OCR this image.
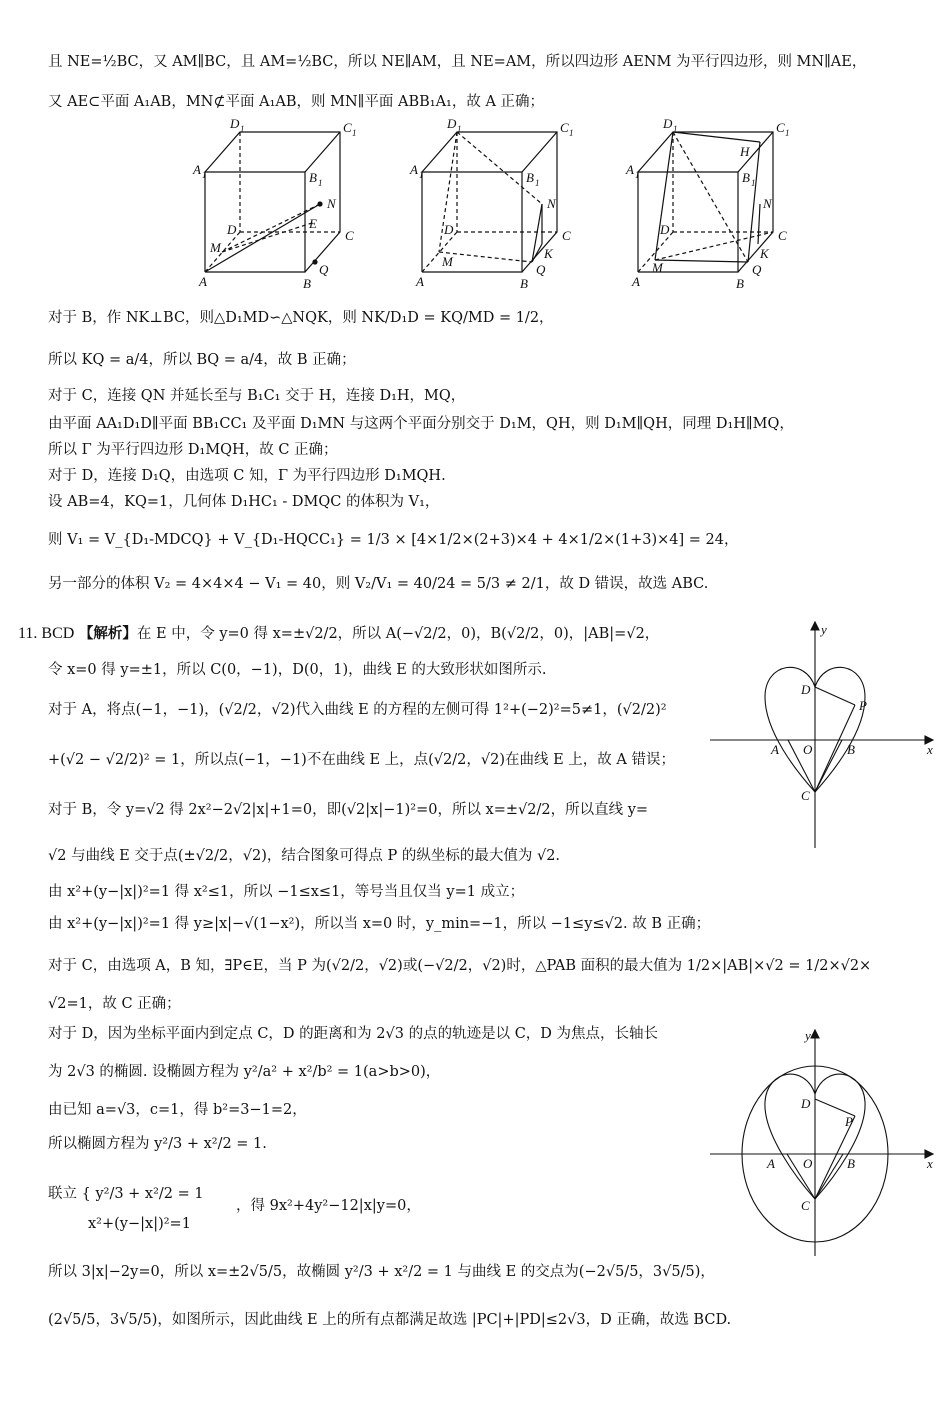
且 NE=½BC，又 AM∥BC，且 AM=½BC，所以 NE∥AM，且 NE=AM，所以四边形 AENM 为平行四边形，则 MN∥AE，
又 AE⊂平面 A₁AB，MN⊄平面 A₁AB，则 MN∥平面 ABB₁A₁，故 A 正确；
A 1
D 1	C 1
B 1
D	C
A	B
M
N
E
Q
A 1
D 1	C 1
B 1
D	C
A	B
M
N
Q
K
A 1
D 1	C 1
B 1
H
D	C
A	B
M
N
Q
K
对于 B，作 NK⊥BC，则△D₁MD∽△NQK，则 NK/D₁D = KQ/MD = 1/2，
所以 KQ = a/4，所以 BQ = a/4，故 B 正确；
对于 C，连接 QN 并延长至与 B₁C₁ 交于 H，连接 D₁H，MQ，
由平面 AA₁D₁D∥平面 BB₁CC₁ 及平面 D₁MN 与这两个平面分别交于 D₁M，QH，则 D₁M∥QH，同理 D₁H∥MQ，
所以 Γ 为平行四边形 D₁MQH，故 C 正确；
对于 D，连接 D₁Q，由选项 C 知，Γ 为平行四边形 D₁MQH.
设 AB=4，KQ=1，几何体 D₁HC₁ - DMQC 的体积为 V₁，
则 V₁ = V_{D₁-MDCQ} + V_{D₁-HQCC₁} = 1/3 × [4×1/2×(2+3)×4 + 4×1/2×(1+3)×4] = 24，
另一部分的体积 V₂ = 4×4×4 − V₁ = 40，则 V₂/V₁ = 40/24 = 5/3 ≠ 2/1，故 D 错误，故选 ABC.
11. BCD 【解析】在 E 中，令 y=0 得 x=±√2/2，所以 A(−√2/2，0)，B(√2/2，0)，|AB|=√2，
令 x=0 得 y=±1，所以 C(0，−1)，D(0，1)，曲线 E 的大致形状如图所示.
对于 A，将点(−1，−1)，(√2/2，√2)代入曲线 E 的方程的左侧可得 1²+(−2)²=5≠1，(√2/2)²
+(√2 − √2/2)² = 1，所以点(−1，−1)不在曲线 E 上，点(√2/2，√2)在曲线 E 上，故 A 错误；
对于 B，令 y=√2 得 2x²−2√2|x|+1=0，即(√2|x|−1)²=0，所以 x=±√2/2，所以直线 y=
√2 与曲线 E 交于点(±√2/2，√2)，结合图象可得点 P 的纵坐标的最大值为 √2.
由 x²+(y−|x|)²=1 得 x²≤1，所以 −1≤x≤1，等号当且仅当 y=1 成立；
由 x²+(y−|x|)²=1 得 y≥|x|−√(1−x²)，所以当 x=0 时，y_min=−1，所以 −1≤y≤√2. 故 B 正确；
对于 C，由选项 A，B 知，∃P∈E，当 P 为(√2/2，√2)或(−√2/2，√2)时，△PAB 面积的最大值为 1/2×|AB|×√2 = 1/2×√2×
√2=1，故 C 正确；
对于 D，因为坐标平面内到定点 C，D 的距离和为 2√3 的点的轨迹是以 C，D 为焦点，长轴长
为 2√3 的椭圆. 设椭圆方程为 y²/a² + x²/b² = 1(a>b>0)，
由已知 a=√3，c=1，得 b²=3−1=2，
所以椭圆方程为 y²/3 + x²/2 = 1.
联立 { y²/3 + x²/2 = 1
x²+(y−|x|)²=1
，得 9x²+4y²−12|x|y=0，
所以 3|x|−2y=0，所以 x=±2√5/5，故椭圆 y²/3 + x²/2 = 1 与曲线 E 的交点为(−2√5/5，3√5/5)，
(2√5/5，3√5/5)，如图所示，因此曲线 E 上的所有点都满足故选 |PC|+|PD|≤2√3，D 正确，故选 BCD.
y
x
D
P
A O	B
C
y
x
D
P
A O	B
C
